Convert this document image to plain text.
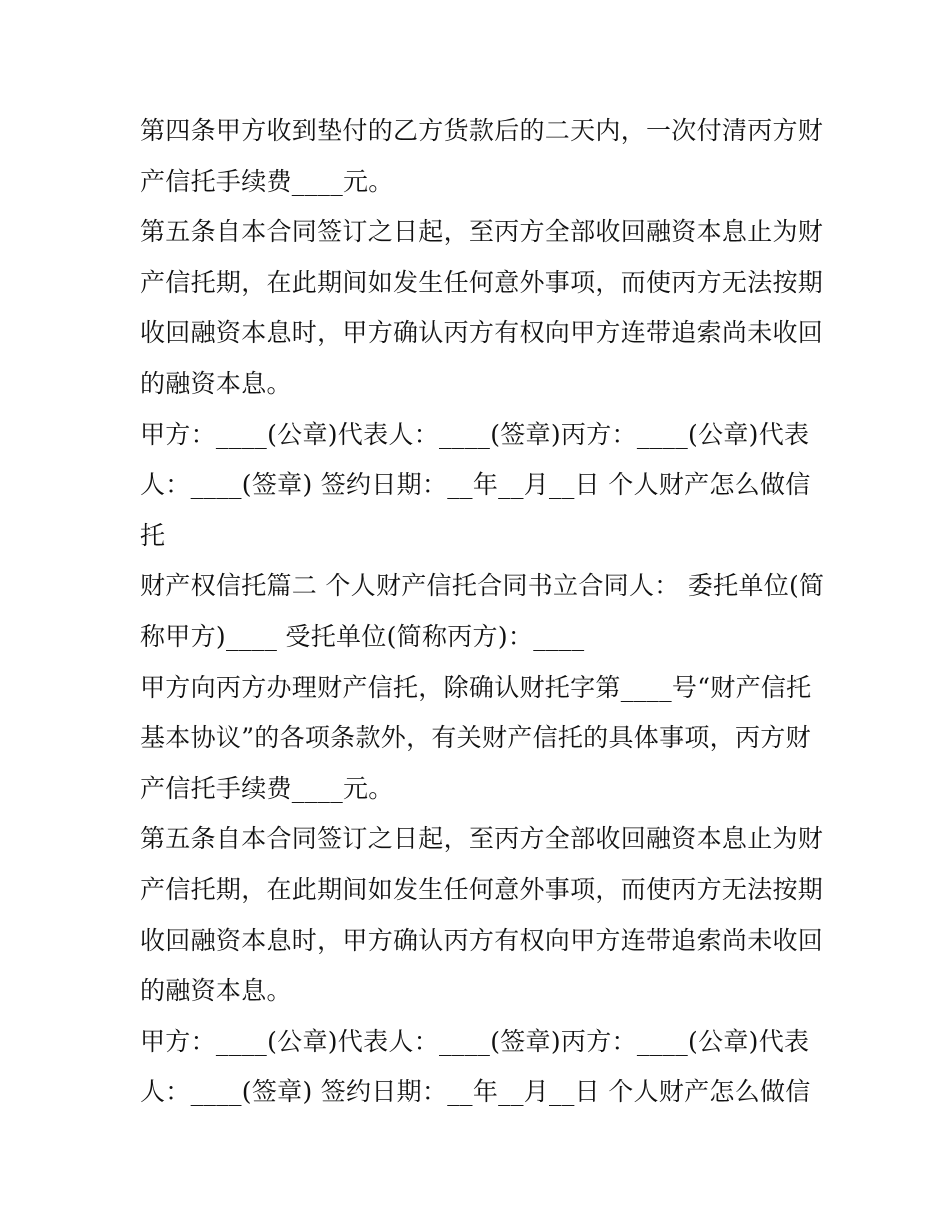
第四条甲方收到垫付的乙方货款后的二天内，一次付清丙方财
产信托手续费____元。
第五条自本合同签订之日起，至丙方全部收回融资本息止为财
产信托期，在此期间如发生任何意外事项，而使丙方无法按期
收回融资本息时，甲方确认丙方有权向甲方连带追索尚未收回
的融资本息。
甲方：____(公章)代表人：____(签章)丙方：____(公章)代表
人：____(签章) 签约日期：__年__月__日 个人财产怎么做信
托
财产权信托篇二 个人财产信托合同书立合同人： 委托单位(简
称甲方)____ 受托单位(简称丙方)：____
甲方向丙方办理财产信托，除确认财托字第____号“财产信托
基本协议”的各项条款外，有关财产信托的具体事项，丙方财
产信托手续费____元。
第五条自本合同签订之日起，至丙方全部收回融资本息止为财
产信托期，在此期间如发生任何意外事项，而使丙方无法按期
收回融资本息时，甲方确认丙方有权向甲方连带追索尚未收回
的融资本息。
甲方：____(公章)代表人：____(签章)丙方：____(公章)代表
人：____(签章) 签约日期：__年__月__日 个人财产怎么做信
